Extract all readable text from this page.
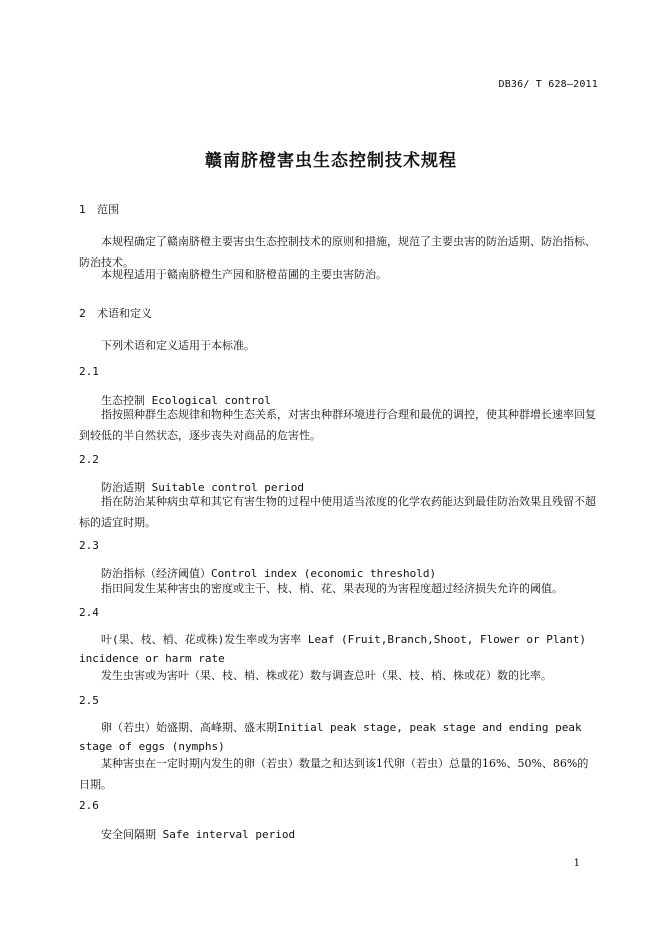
DB36/ T 628—2011
赣南脐橙害虫生态控制技术规程
1 范围
本规程确定了赣南脐橙主要害虫生态控制技术的原则和措施，规范了主要虫害的防治适期、防治指标、防治技术。
本规程适用于赣南脐橙生产园和脐橙苗圃的主要虫害防治。
2 术语和定义
下列术语和定义适用于本标准。
2.1
生态控制 Ecological control
指按照种群生态规律和物种生态关系，对害虫种群环境进行合理和最优的调控，使其种群增长速率回复到较低的半自然状态，逐步丧失对商品的危害性。
2.2
防治适期 Suitable control period
指在防治某种病虫草和其它有害生物的过程中使用适当浓度的化学农药能达到最佳防治效果且残留不超标的适宜时期。
2.3
防治指标（经济阈值）Control index (economic threshold)
指田间发生某种害虫的密度或主干、枝、梢、花、果表现的为害程度超过经济损失允许的阈值。
2.4
叶(果、枝、梢、花或株)发生率或为害率 Leaf (Fruit,Branch,Shoot, Flower or Plant) incidence or harm rate
发生虫害或为害叶（果、枝、梢、株或花）数与调查总叶（果、枝、梢、株或花）数的比率。
2.5
卵（若虫）始盛期、高峰期、盛末期Initial peak stage, peak stage and ending peak stage of eggs (nymphs)
某种害虫在一定时期内发生的卵（若虫）数量之和达到该1代卵（若虫）总量的16%、50%、86%的日期。
2.6
安全间隔期 Safe interval period
1
